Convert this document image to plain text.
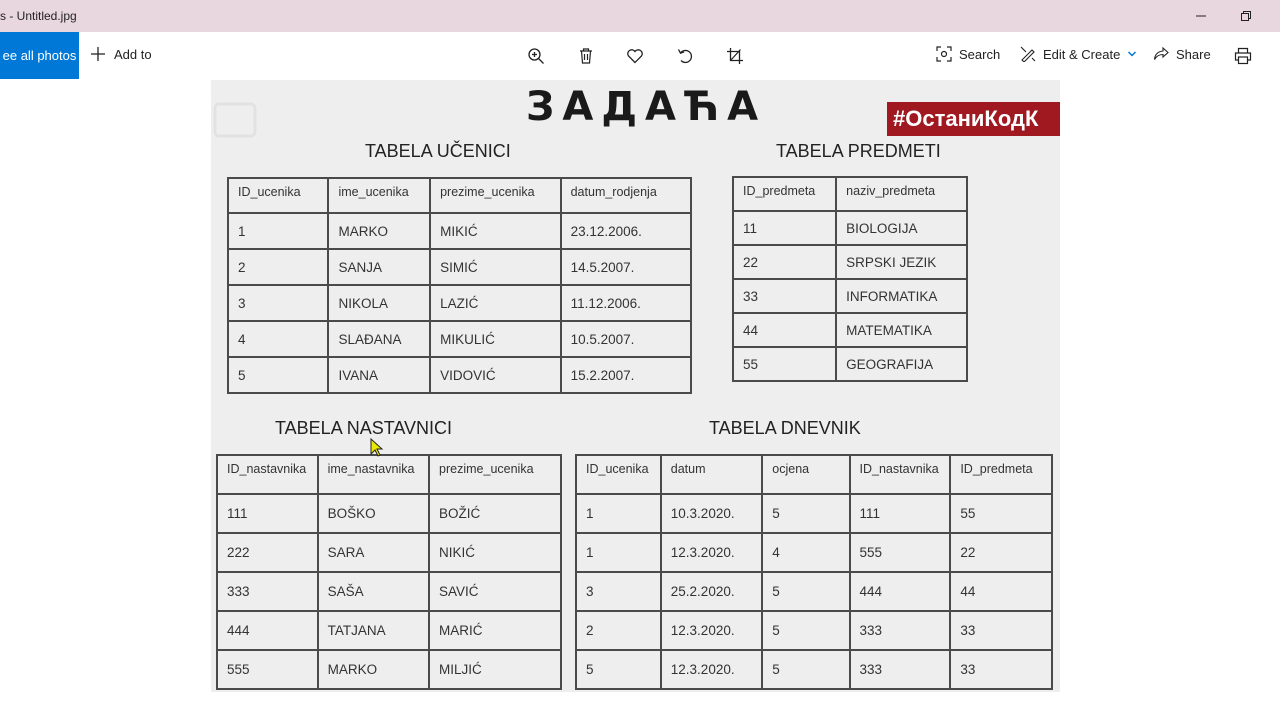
s - Untitled.jpg
ee all photos	Add to	Search	Edit & Create	Share
ЗАДАЋА	#ОстаниКодК
TABELA UČENICI
ID_ucenika	ime_ucenika	prezime_ucenika	datum_rodjenja
1	MARKO	MIKIĆ	23.12.2006.
2	SANJA	SIMIĆ	14.5.2007.
3	NIKOLA	LAZIĆ	11.12.2006.
4	SLAĐANA	MIKULIĆ	10.5.2007.
5	IVANA	VIDOVIĆ	15.2.2007.
TABELA PREDMETI
ID_predmeta	naziv_predmeta
11	BIOLOGIJA
22	SRPSKI JEZIK
33	INFORMATIKA
44	MATEMATIKA
55	GEOGRAFIJA
TABELA NASTAVNICI
ID_nastavnika	ime_nastavnika	prezime_ucenika
111	BOŠKO	BOŽIĆ
222	SARA	NIKIĆ
333	SAŠA	SAVIĆ
444	TATJANA	MARIĆ
555	MARKO	MILJIĆ
TABELA DNEVNIK
ID_ucenika	datum	ocjena	ID_nastavnika	ID_predmeta
1	10.3.2020.	5	111	55
1	12.3.2020.	4	555	22
3	25.2.2020.	5	444	44
2	12.3.2020.	5	333	33
5	12.3.2020.	5	333	33
